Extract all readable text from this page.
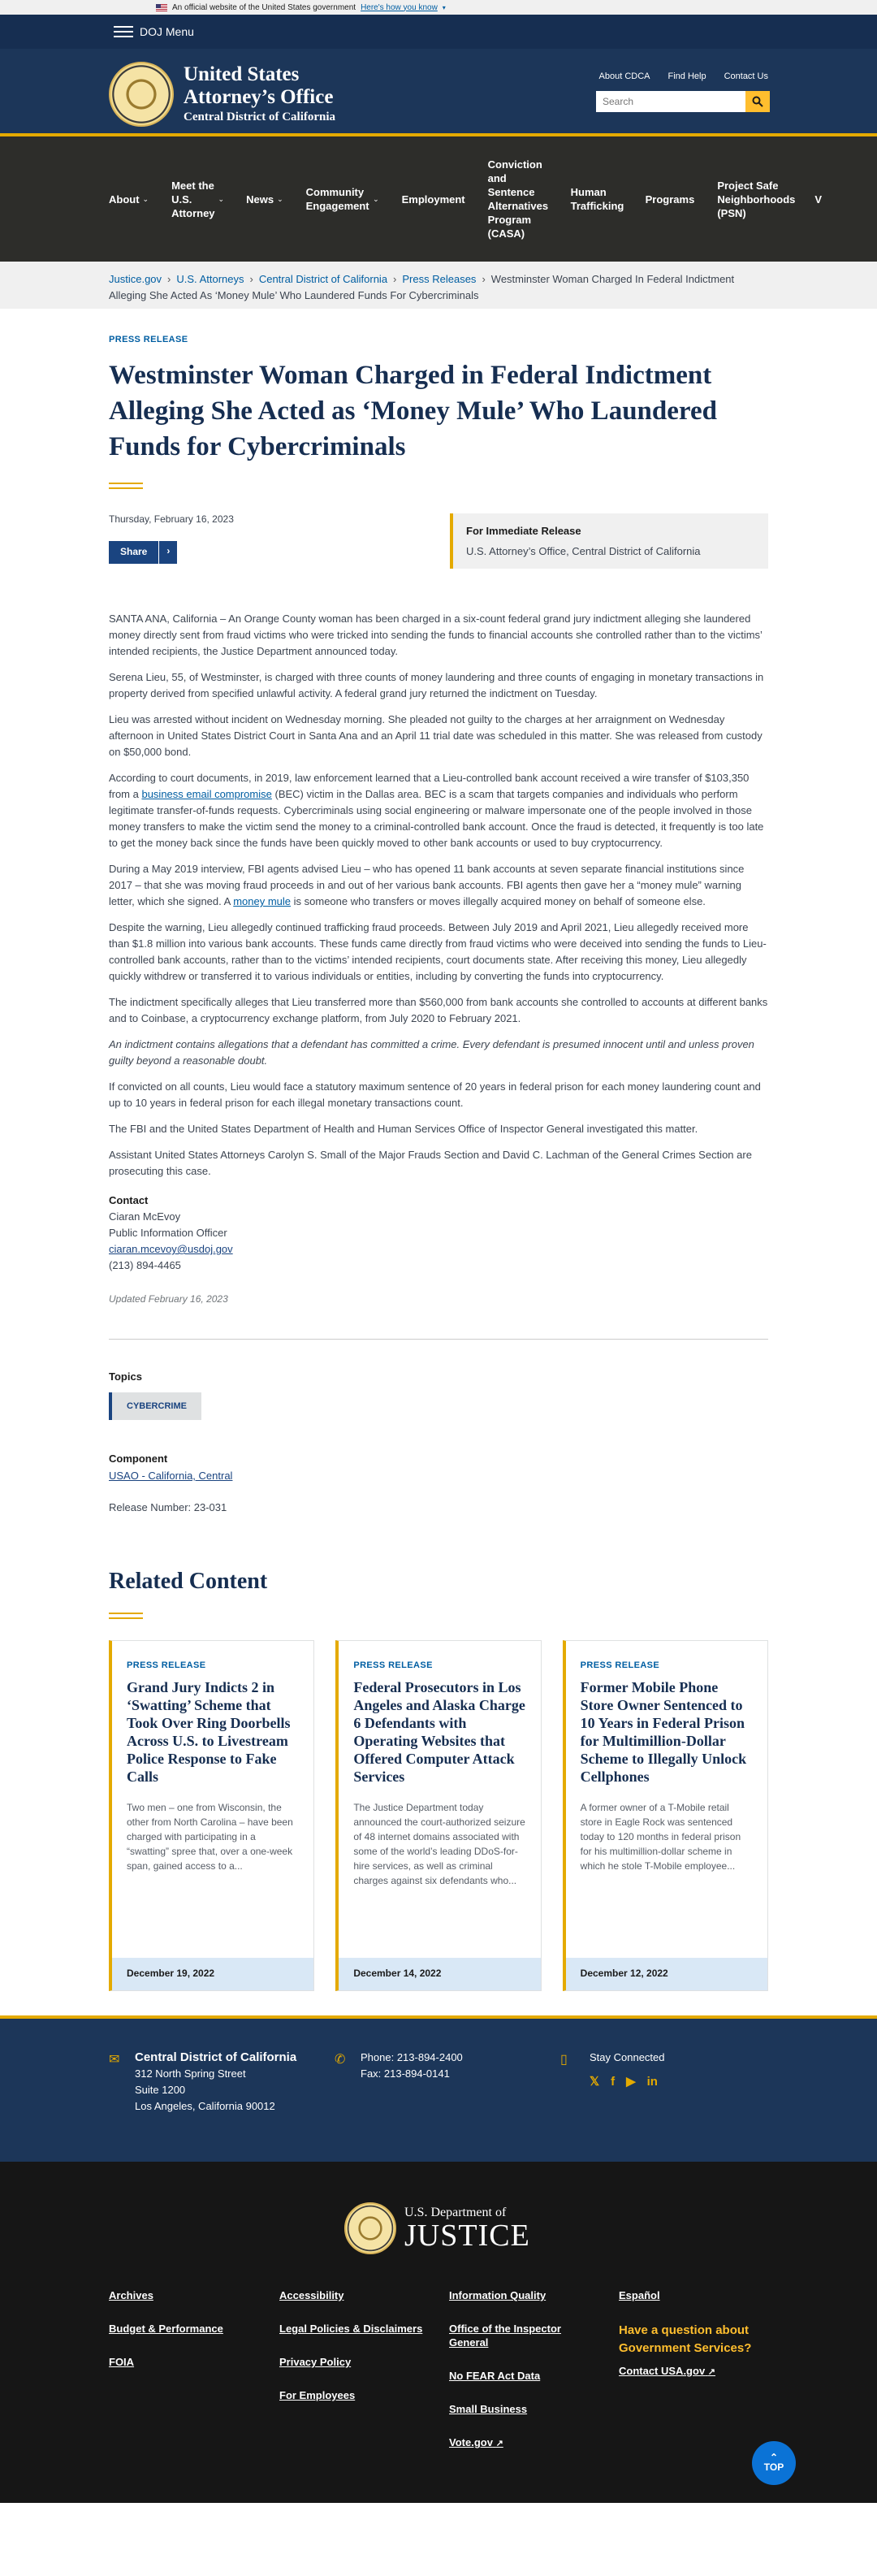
An official website of the United States government Here's how you know ▾
DOJ Menu
United States
Attorney’s Office
Central District of California
About CDCA Find Help Contact Us
Search
About ⌄
Meet the U.S. Attorney
⌄ News ⌄
Community Engagement
⌄ Employment
Conviction and Sentence Alternatives Program (CASA)
Human Trafficking
Programs
Project Safe Neighborhoods (PSN)
V
Justice.gov › U.S. Attorneys › Central District of California › Press Releases › Westminster Woman Charged In Federal Indictment Alleging She Acted As ‘Money Mule’ Who Laundered Funds For Cybercriminals
PRESS RELEASE
Westminster Woman Charged in Federal Indictment Alleging She Acted as ‘Money Mule’ Who Laundered Funds for Cybercriminals
Thursday, February 16, 2023
Share	›
For Immediate Release
U.S. Attorney’s Office, Central District of California

SANTA ANA, California – An Orange County woman has been charged in a six-count federal grand jury indictment alleging she laundered money directly sent from fraud victims who were tricked into sending the funds to financial accounts she controlled rather than to the victims’ intended recipients, the Justice Department announced today.

Serena Lieu, 55, of Westminster, is charged with three counts of money laundering and three counts of engaging in monetary transactions in property derived from specified unlawful activity. A federal grand jury returned the indictment on Tuesday.

Lieu was arrested without incident on Wednesday morning. She pleaded not guilty to the charges at her arraignment on Wednesday afternoon in United States District Court in Santa Ana and an April 11 trial date was scheduled in this matter. She was released from custody on $50,000 bond.

According to court documents, in 2019, law enforcement learned that a Lieu-controlled bank account received a wire transfer of $103,350 from a business email compromise (BEC) victim in the Dallas area. BEC is a scam that targets companies and individuals who perform legitimate transfer-of-funds requests. Cybercriminals using social engineering or malware impersonate one of the people involved in those money transfers to make the victim send the money to a criminal-controlled bank account. Once the fraud is detected, it frequently is too late to get the money back since the funds have been quickly moved to other bank accounts or used to buy cryptocurrency.

During a May 2019 interview, FBI agents advised Lieu – who has opened 11 bank accounts at seven separate financial institutions since 2017 – that she was moving fraud proceeds in and out of her various bank accounts. FBI agents then gave her a “money mule” warning letter, which she signed. A money mule is someone who transfers or moves illegally acquired money on behalf of someone else.

Despite the warning, Lieu allegedly continued trafficking fraud proceeds. Between July 2019 and April 2021, Lieu allegedly received more than $1.8 million into various bank accounts. These funds came directly from fraud victims who were deceived into sending the funds to Lieu-controlled bank accounts, rather than to the victims’ intended recipients, court documents state. After receiving this money, Lieu allegedly quickly withdrew or transferred it to various individuals or entities, including by converting the funds into cryptocurrency.

The indictment specifically alleges that Lieu transferred more than $560,000 from bank accounts she controlled to accounts at different banks and to Coinbase, a cryptocurrency exchange platform, from July 2020 to February 2021.

An indictment contains allegations that a defendant has committed a crime. Every defendant is presumed innocent until and unless proven guilty beyond a reasonable doubt.

If convicted on all counts, Lieu would face a statutory maximum sentence of 20 years in federal prison for each money laundering count and up to 10 years in federal prison for each illegal monetary transactions count.

The FBI and the United States Department of Health and Human Services Office of Inspector General investigated this matter.

Assistant United States Attorneys Carolyn S. Small of the Major Frauds Section and David C. Lachman of the General Crimes Section are prosecuting this case.

Contact
Ciaran McEvoy
Public Information Officer
ciaran.mcevoy@usdoj.gov
(213) 894-4465
Updated February 16, 2023
Topics
CYBERCRIME
Component
USAO - California, Central
Release Number: 23-031
Related Content
PRESS RELEASE
Grand Jury Indicts 2 in ‘Swatting’ Scheme that Took Over Ring Doorbells Across U.S. to Livestream Police Response to Fake Calls
Two men – one from Wisconsin, the other from North Carolina – have been charged with participating in a “swatting” spree that, over a one-week span, gained access to a...
December 19, 2022
PRESS RELEASE
Federal Prosecutors in Los Angeles and Alaska Charge 6 Defendants with Operating Websites that Offered Computer Attack Services
The Justice Department today announced the court-authorized seizure of 48 internet domains associated with some of the world’s leading DDoS-for-hire services, as well as criminal charges against six defendants who...
December 14, 2022
PRESS RELEASE
Former Mobile Phone Store Owner Sentenced to 10 Years in Federal Prison for Multimillion-Dollar Scheme to Illegally Unlock Cellphones
A former owner of a T-Mobile retail store in Eagle Rock was sentenced today to 120 months in federal prison for his multimillion-dollar scheme in which he stole T-Mobile employee...
December 12, 2022
✉ Central District of California
312 North Spring Street
Suite 1200
Los Angeles, California 90012
✆ Phone: 213-894-2400
Fax: 213-894-0141
▯ Stay Connected
𝕏 f ▶ in
U.S. Department of
JUSTICE
Archives
Budget & Performance
FOIA
Accessibility
Legal Policies & Disclaimers
Privacy Policy
For Employees
Information Quality
Office of the Inspector General
No FEAR Act Data
Small Business
Vote.gov ↗
Español
Have a question about Government Services?
Contact USA.gov ↗
⌃
TOP
